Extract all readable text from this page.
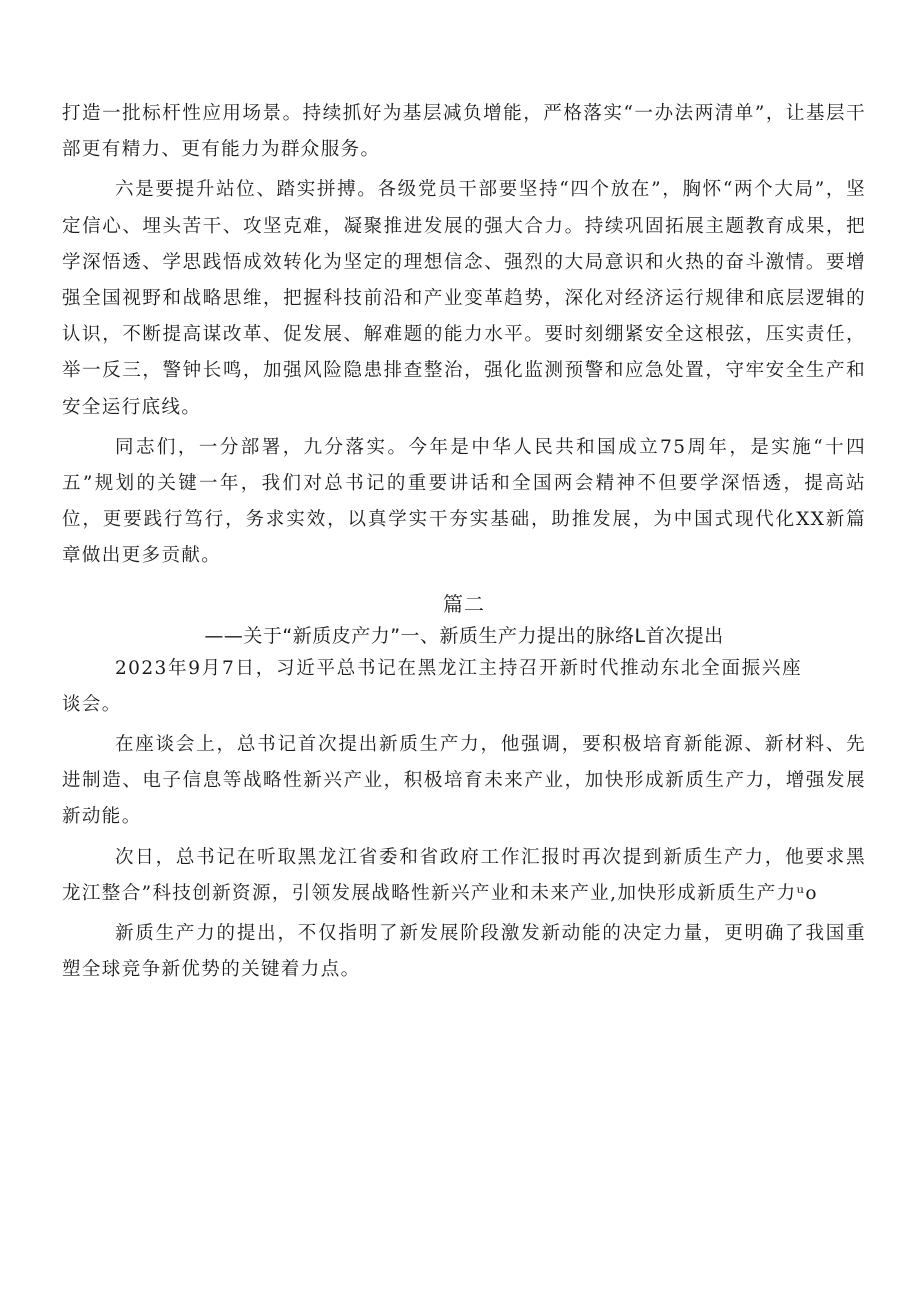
打造一批标杆性应用场景。持续抓好为基层减负增能，严格落实“一办法两清单”，让基层干部更有精力、更有能力为群众服务。

六是要提升站位、踏实拼搏。各级党员干部要坚持“四个放在”，胸怀“两个大局”，坚定信心、埋头苦干、攻坚克难，凝聚推进发展的强大合力。持续巩固拓展主题教育成果，把学深悟透、学思践悟成效转化为坚定的理想信念、强烈的大局意识和火热的奋斗激情。要增强全国视野和战略思维，把握科技前沿和产业变革趋势，深化对经济运行规律和底层逻辑的认识，不断提高谋改革、促发展、解难题的能力水平。要时刻绷紧安全这根弦，压实责任，举一反三，警钟长鸣，加强风险隐患排查整治，强化监测预警和应急处置，守牢安全生产和安全运行底线。

同志们，一分部署，九分落实。今年是中华人民共和国成立75周年，是实施“十四五”规划的关键一年，我们对总书记的重要讲话和全国两会精神不但要学深悟透，提高站位，更要践行笃行，务求实效，以真学实干夯实基础，助推发展，为中国式现代化XX新篇章做出更多贡献。

篇二

——关于“新质皮产力”一、新质生产力提出的脉络L首次提出

2023年9月7日，习近平总书记在黑龙江主持召开新时代推动东北全面振兴座谈会。

在座谈会上，总书记首次提出新质生产力，他强调，要积极培育新能源、新材料、先进制造、电子信息等战略性新兴产业，积极培育未来产业，加快形成新质生产力，增强发展新动能。

次日，总书记在听取黑龙江省委和省政府工作汇报时再次提到新质生产力，他要求黑龙江整合”科技创新资源，引领发展战略性新兴产业和未来产业,加快形成新质生产力ᵘo

新质生产力的提出，不仅指明了新发展阶段激发新动能的决定力量，更明确了我国重塑全球竞争新优势的关键着力点。
